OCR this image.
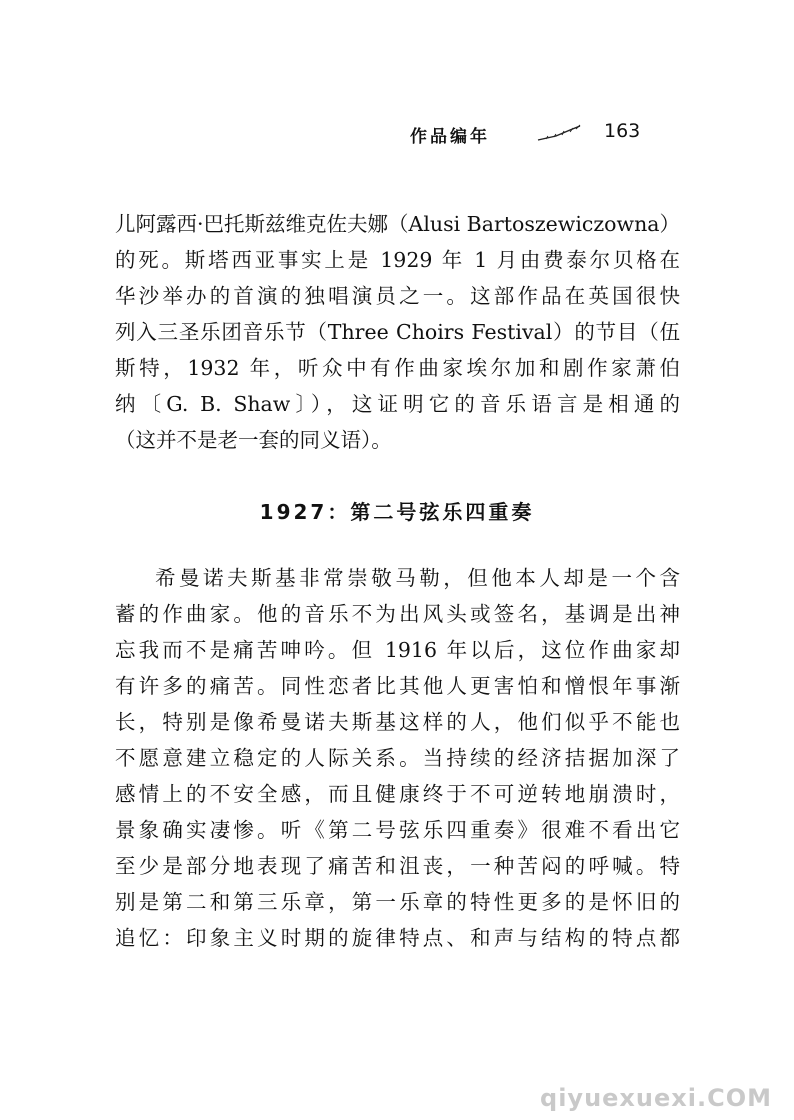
作品编年	163
儿阿露西·巴托斯兹维克佐夫娜（Alusi Bartoszewiczowna）
的死。斯塔西亚事实上是 1929 年 1 月由费泰尔贝格在
华沙举办的首演的独唱演员之一。这部作品在英国很快
列入三圣乐团音乐节（Three Choirs Festival）的节目（伍
斯特，1932 年，听众中有作曲家埃尔加和剧作家萧伯
纳〔G. B. Shaw〕），这证明它的音乐语言是相通的
（这并不是老一套的同义语）。
1927：第二号弦乐四重奏
希曼诺夫斯基非常崇敬马勒，但他本人却是一个含
蓄的作曲家。他的音乐不为出风头或签名，基调是出神
忘我而不是痛苦呻吟。但 1916 年以后，这位作曲家却
有许多的痛苦。同性恋者比其他人更害怕和憎恨年事渐
长，特别是像希曼诺夫斯基这样的人，他们似乎不能也
不愿意建立稳定的人际关系。当持续的经济拮据加深了
感情上的不安全感，而且健康终于不可逆转地崩溃时，
景象确实凄惨。听《第二号弦乐四重奏》很难不看出它
至少是部分地表现了痛苦和沮丧，一种苦闷的呼喊。特
别是第二和第三乐章，第一乐章的特性更多的是怀旧的
追忆：印象主义时期的旋律特点、和声与结构的特点都
qiyuexuexi.COM
